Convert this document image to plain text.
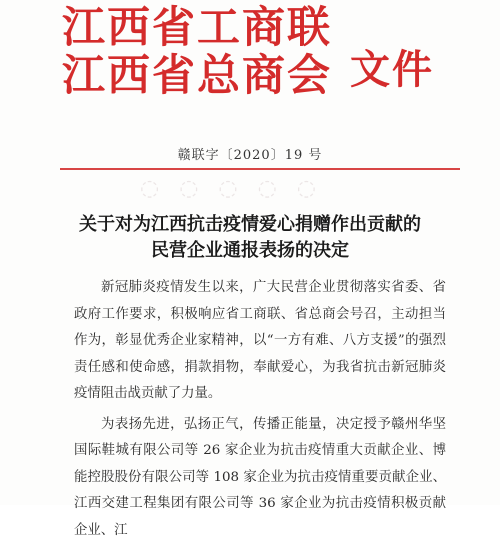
江西省工商联
江西省总商会 文件
赣联字〔2020〕19 号
◌◌◌◌◌
关于对为江西抗击疫情爱心捐赠作出贡献的
民营企业通报表扬的决定

新冠肺炎疫情发生以来，广大民营企业贯彻落实省委、省政府工作要求，积极响应省工商联、省总商会号召，主动担当作为，彰显优秀企业家精神，以“一方有难、八方支援”的强烈责任感和使命感，捐款捐物，奉献爱心，为我省抗击新冠肺炎疫情阻击战贡献了力量。

为表扬先进，弘扬正气，传播正能量，决定授予赣州华坚国际鞋城有限公司等 26 家企业为抗击疫情重大贡献企业、博能控股股份有限公司等 108 家企业为抗击疫情重要贡献企业、江西交建工程集团有限公司等 36 家企业为抗击疫情积极贡献企业、江
